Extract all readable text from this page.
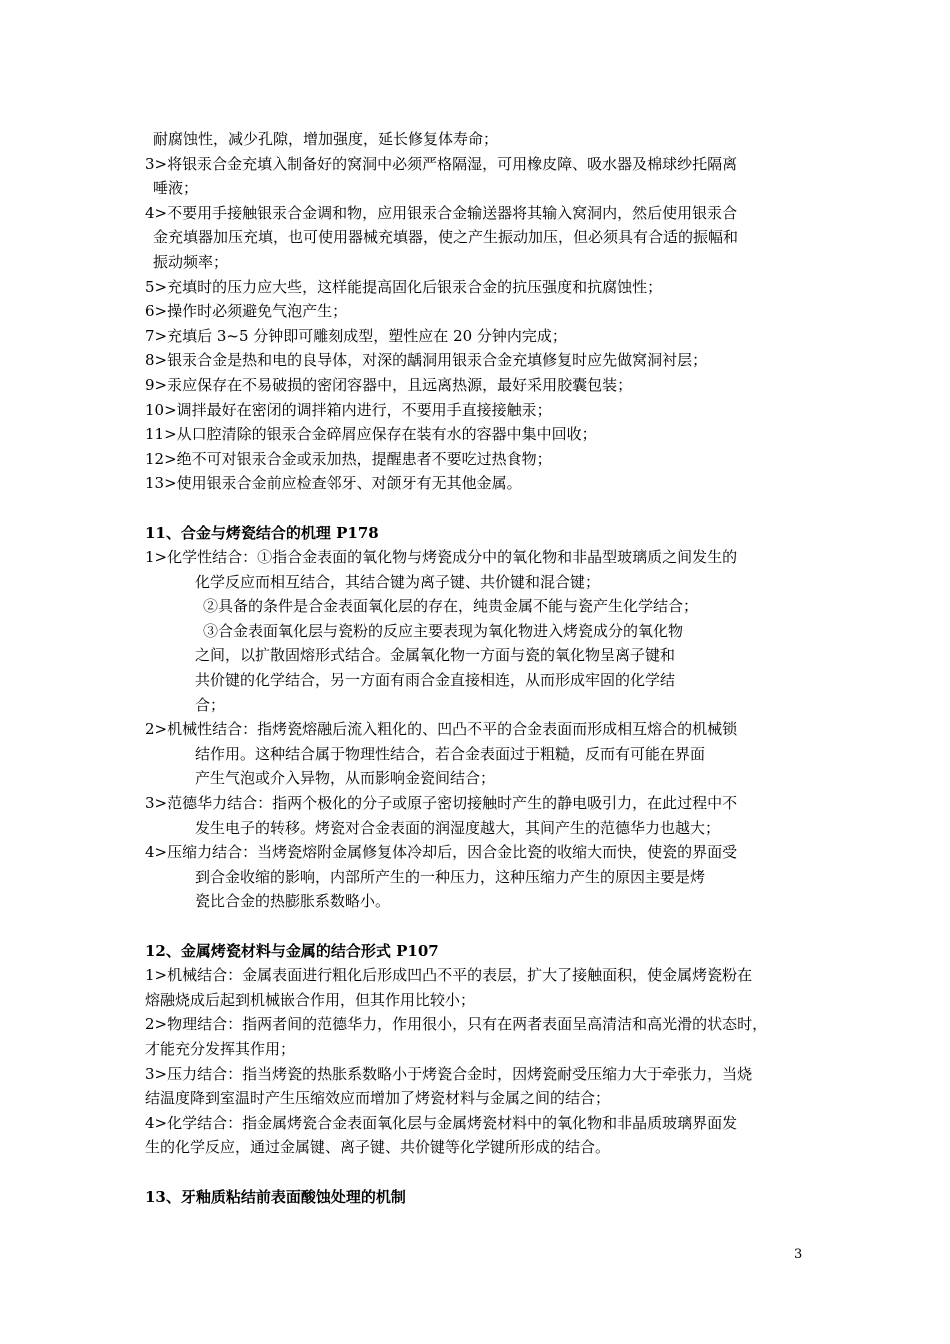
耐腐蚀性，减少孔隙，增加强度，延长修复体寿命；
3>将银汞合金充填入制备好的窝洞中必须严格隔湿，可用橡皮障、吸水器及棉球纱托隔离
唾液；
4>不要用手接触银汞合金调和物，应用银汞合金输送器将其输入窝洞内，然后使用银汞合
金充填器加压充填，也可使用器械充填器，使之产生振动加压，但必须具有合适的振幅和
振动频率；
5>充填时的压力应大些，这样能提高固化后银汞合金的抗压强度和抗腐蚀性；
6>操作时必须避免气泡产生；
7>充填后 3~5 分钟即可雕刻成型，塑性应在 20 分钟内完成；
8>银汞合金是热和电的良导体，对深的龋洞用银汞合金充填修复时应先做窝洞衬层；
9>汞应保存在不易破损的密闭容器中，且远离热源，最好采用胶囊包装；
10>调拌最好在密闭的调拌箱内进行，不要用手直接接触汞；
11>从口腔清除的银汞合金碎屑应保存在装有水的容器中集中回收；
12>绝不可对银汞合金或汞加热，提醒患者不要吃过热食物；
13>使用银汞合金前应检查邻牙、对颌牙有无其他金属。
11、合金与烤瓷结合的机理 P178
1>化学性结合：①指合金表面的氧化物与烤瓷成分中的氧化物和非晶型玻璃质之间发生的
化学反应而相互结合，其结合键为离子键、共价键和混合键；
②具备的条件是合金表面氧化层的存在，纯贵金属不能与瓷产生化学结合；
③合金表面氧化层与瓷粉的反应主要表现为氧化物进入烤瓷成分的氧化物
之间，以扩散固熔形式结合。金属氧化物一方面与瓷的氧化物呈离子键和
共价键的化学结合，另一方面有雨合金直接相连，从而形成牢固的化学结
合；
2>机械性结合：指烤瓷熔融后流入粗化的、凹凸不平的合金表面而形成相互熔合的机械锁
结作用。这种结合属于物理性结合，若合金表面过于粗糙，反而有可能在界面
产生气泡或介入异物，从而影响金瓷间结合；
3>范德华力结合：指两个极化的分子或原子密切接触时产生的静电吸引力，在此过程中不
发生电子的转移。烤瓷对合金表面的润湿度越大，其间产生的范德华力也越大；
4>压缩力结合：当烤瓷熔附金属修复体冷却后，因合金比瓷的收缩大而快，使瓷的界面受
到合金收缩的影响，内部所产生的一种压力，这种压缩力产生的原因主要是烤
瓷比合金的热膨胀系数略小。
12、金属烤瓷材料与金属的结合形式 P107
1>机械结合：金属表面进行粗化后形成凹凸不平的表层，扩大了接触面积，使金属烤瓷粉在
熔融烧成后起到机械嵌合作用，但其作用比较小；
2>物理结合：指两者间的范德华力，作用很小，只有在两者表面呈高清洁和高光滑的状态时，
才能充分发挥其作用；
3>压力结合：指当烤瓷的热胀系数略小于烤瓷合金时，因烤瓷耐受压缩力大于牵张力，当烧
结温度降到室温时产生压缩效应而增加了烤瓷材料与金属之间的结合；
4>化学结合：指金属烤瓷合金表面氧化层与金属烤瓷材料中的氧化物和非晶质玻璃界面发
生的化学反应，通过金属键、离子键、共价键等化学键所形成的结合。
13、牙釉质粘结前表面酸蚀处理的机制
3
